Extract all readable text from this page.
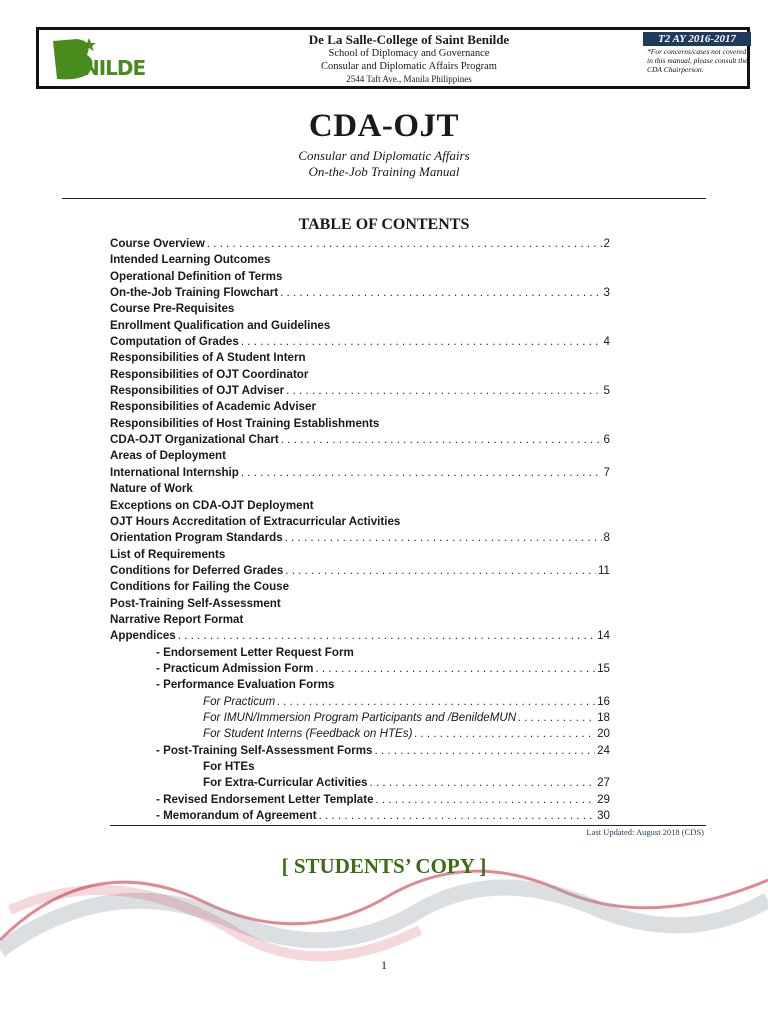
NILDE
De La Salle-College of Saint Benilde
School of Diplomacy and Governance
Consular and Diplomatic Affairs Program
2544 Taft Ave., Manila Philippines
T2 AY 2016-2017
*For concerns/cases not covered in this manual, please consult the CDA Chairperson.
CDA-OJT
Consular and Diplomatic Affairs
On-the-Job Training Manual
TABLE OF CONTENTS
Course Overview . . .	2
Intended Learning Outcomes
Operational Definition of Terms
On-the-Job Training Flowchart . . .	3
Course Pre-Requisites
Enrollment Qualification and Guidelines
Computation of Grades . . .	4
Responsibilities of A Student Intern
Responsibilities of OJT Coordinator
Responsibilities of OJT Adviser . . .	5
Responsibilities of Academic Adviser
Responsibilities of Host Training Establishments
CDA-OJT Organizational Chart . . .	6
Areas of Deployment
International Internship . . .	7
Nature of Work
Exceptions on CDA-OJT Deployment
OJT Hours Accreditation of Extracurricular Activities
Orientation Program Standards . . .	8
List of Requirements
Conditions for Deferred Grades . . .	11
Conditions for Failing the Couse
Post-Training Self-Assessment
Narrative Report Format
Appendices . . .	14
- Endorsement Letter Request Form
- Practicum Admission Form . . .	15
- Performance Evaluation Forms
For Practicum . . .	16
For IMUN/Immersion Program Participants and /BenildeMUN . . .	18
For Student Interns (Feedback on HTEs) . . .	20
- Post-Training Self-Assessment Forms . . .	24
For HTEs
For Extra-Curricular Activities . . .	27
- Revised Endorsement Letter Template . . .	29
- Memorandum of Agreement . . .	30
Last Updated: August 2018 (CDS)
[ STUDENTS’ COPY ]
1
